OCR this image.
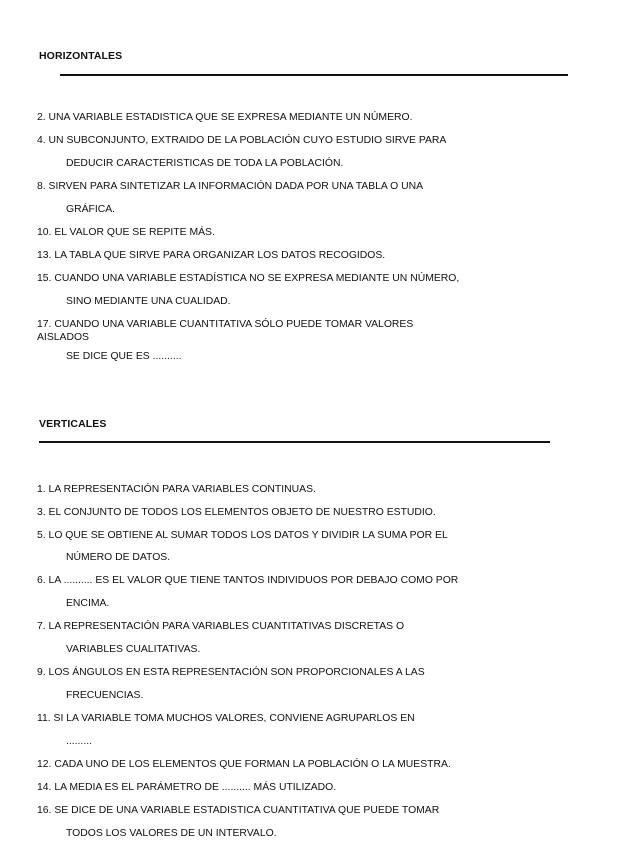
HORIZONTALES
2. UNA VARIABLE ESTADISTICA QUE SE EXPRESA MEDIANTE UN NÚMERO.
4. UN SUBCONJUNTO, EXTRAIDO DE LA POBLACIÓN CUYO ESTUDIO SIRVE PARA
DEDUCIR CARACTERISTICAS DE TODA LA POBLACIÓN.
8. SIRVEN PARA SINTETIZAR LA INFORMACIÓN DADA POR UNA TABLA O UNA
GRÁFICA.
10. EL VALOR QUE SE REPITE MÁS.
13. LA TABLA QUE SIRVE PARA ORGANIZAR LOS DATOS RECOGIDOS.
15. CUANDO UNA VARIABLE ESTADÍSTICA NO SE EXPRESA MEDIANTE UN NÚMERO,
SINO MEDIANTE UNA CUALIDAD.
17. CUANDO UNA VARIABLE CUANTITATIVA SÓLO PUEDE TOMAR VALORES
AISLADOS
SE DICE QUE ES ..........
VERTICALES
1. LA REPRESENTACIÓN PARA VARIABLES CONTINUAS.
3. EL CONJUNTO DE TODOS LOS ELEMENTOS OBJETO DE NUESTRO ESTUDIO.
5. LO QUE SE OBTIENE AL SUMAR TODOS LOS DATOS Y DIVIDIR LA SUMA POR EL
NÚMERO DE DATOS.
6. LA .......... ES EL VALOR QUE TIENE TANTOS INDIVIDUOS POR DEBAJO COMO POR
ENCIMA.
7. LA REPRESENTACIÓN PARA VARIABLES CUANTITATIVAS DISCRETAS O
VARIABLES CUALITATIVAS.
9. LOS ÁNGULOS EN ESTA REPRESENTACIÓN SON PROPORCIONALES A LAS
FRECUENCIAS.
11. SI LA VARIABLE TOMA MUCHOS VALORES, CONVIENE AGRUPARLOS EN
.........
12. CADA UNO DE LOS ELEMENTOS QUE FORMAN LA POBLACIÓN O LA MUESTRA.
14. LA MEDIA ES EL PARÁMETRO DE .......... MÁS UTILIZADO.
16. SE DICE DE UNA VARIABLE ESTADISTICA CUANTITATIVA QUE PUEDE TOMAR
TODOS LOS VALORES DE UN INTERVALO.
